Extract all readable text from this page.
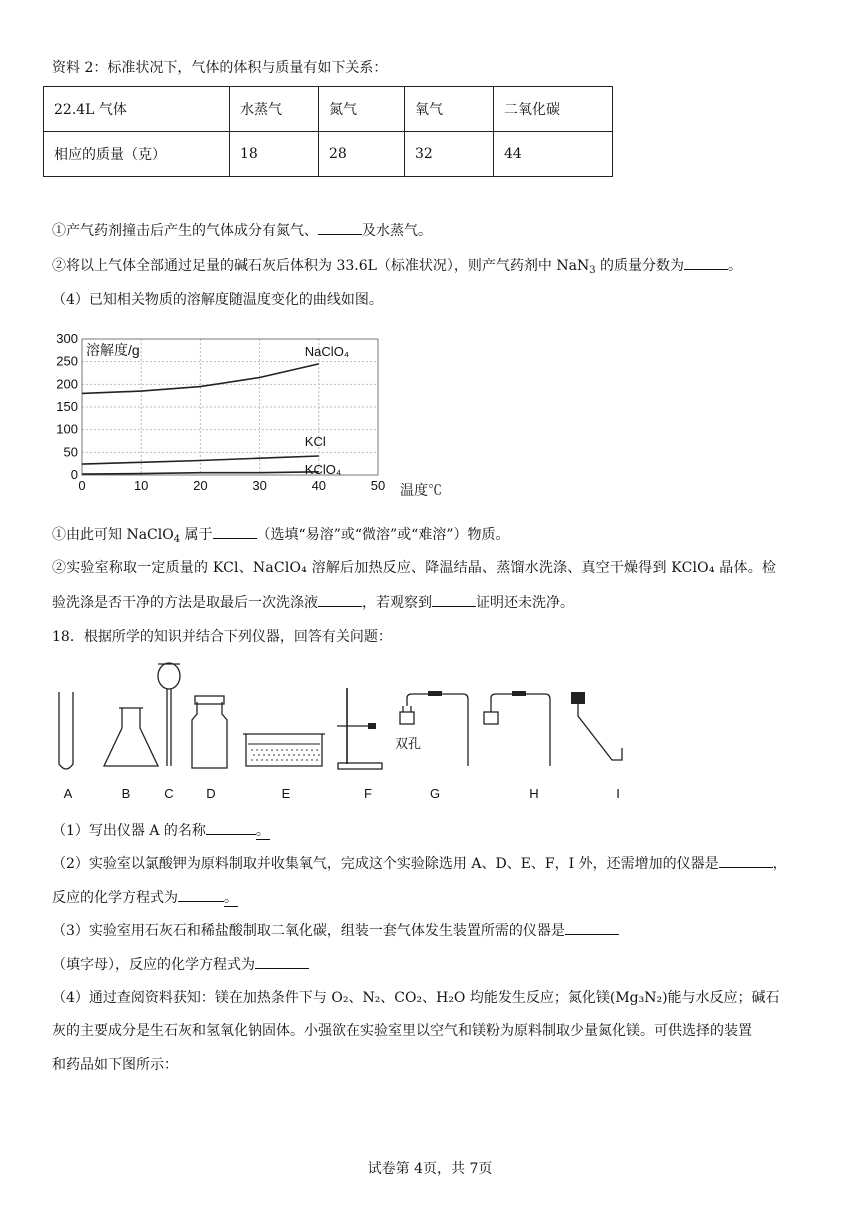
资料 2：标准状况下，气体的体积与质量有如下关系：
22.4L 气体	水蒸气	氮气	氧气	二氧化碳
相应的质量（克）	18	28	32	44
①产气药剂撞击后产生的气体成分有氮气、	及水蒸气。
②将以上气体全部通过足量的碱石灰后体积为 33.6L（标准状况），则产气药剂中 NaN$_3$ 的质量分数为	。
（4）已知相关物质的溶解度随温度变化的曲线如图。
0	10	20	30	40	50
0
50
100
150
200
250
300
溶解度/g
温度℃
NaClO₄
KCl
KClO₄
①由此可知 NaClO$_4$ 属于	（选填“易溶”或“微溶”或“难溶”）物质。
②实验室称取一定质量的 KCl、NaClO₄ 溶解后加热反应、降温结晶、蒸馏水洗涤、真空干燥得到 KClO₄ 晶体。检
验洗涤是否干净的方法是取最后一次洗涤液	，若观察到	证明还未洗净。
18．根据所学的知识并结合下列仪器，回答有关问题：
双孔
A	B	C	D	E	F	G	H	I
（1）写出仪器 A 的名称	。
（2）实验室以氯酸钾为原料制取并收集氧气，完成这个实验除选用 A、D、E、F，I 外，还需增加的仪器是	，
反应的化学方程式为	。
（3）实验室用石灰石和稀盐酸制取二氧化碳，组装一套气体发生装置所需的仪器是
（填字母），反应的化学方程式为
（4）通过查阅资料获知：镁在加热条件下与 O₂、N₂、CO₂、H₂O 均能发生反应；氮化镁(Mg₃N₂)能与水反应；碱石
灰的主要成分是生石灰和氢氧化钠固体。小强欲在实验室里以空气和镁粉为原料制取少量氮化镁。可供选择的装置
和药品如下图所示：
试卷第 4页，共 7页
